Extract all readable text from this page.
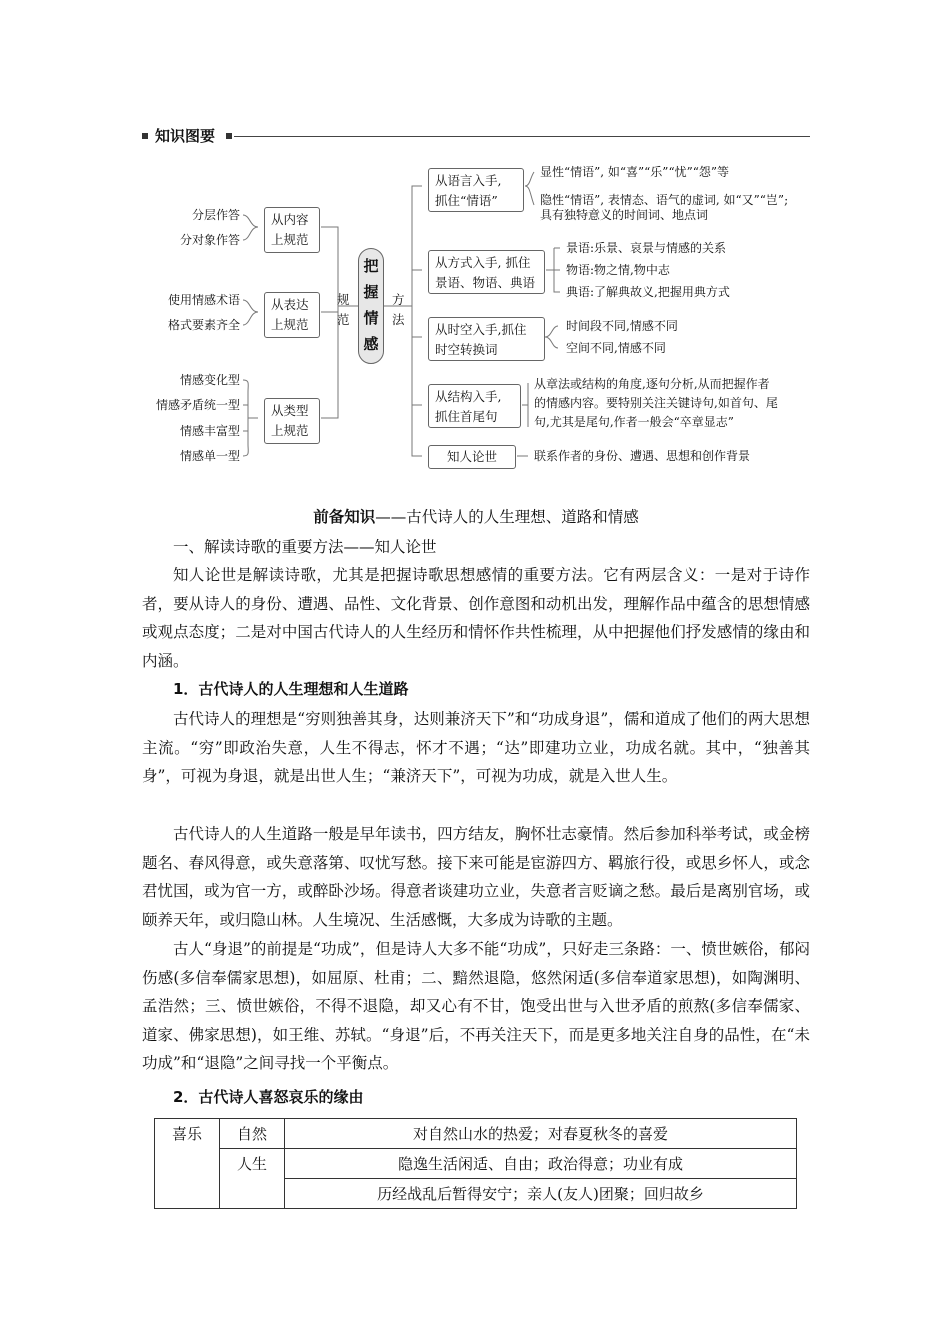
知识图要
分层作答
分对象作答
使用情感术语
格式要素齐全
情感变化型
情感矛盾统一型
情感丰富型
情感单一型
从内容
上规范
从表达
上规范
从类型
上规范
规
范
把
握
情
感
方
法
从语言入手,
抓住“情语”
从方式入手, 抓住
景语、物语、典语
从时空入手,抓住
时空转换词
从结构入手,
抓住首尾句
知人论世
显性“情语”, 如“喜”“乐”“忧”“怨”等
隐性“情语”, 表情态、语气的虚词, 如“又”“岂”;
具有独特意义的时间词、地点词
景语:乐景、哀景与情感的关系
物语:物之情,物中志
典语:了解典故义,把握用典方式
时间段不同,情感不同
空间不同,情感不同
从章法或结构的角度,逐句分析,从而把握作者
的情感内容。要特别关注关键诗句,如首句、尾
句,尤其是尾句,作者一般会“卒章显志”
联系作者的身份、遭遇、思想和创作背景
前备知识——古代诗人的人生理想、道路和情感
一、解读诗歌的重要方法——知人论世

知人论世是解读诗歌，尤其是把握诗歌思想感情的重要方法。它有两层含义：一是对于诗作者，要从诗人的身份、遭遇、品性、文化背景、创作意图和动机出发，理解作品中蕴含的思想情感或观点态度；二是对中国古代诗人的人生经历和情怀作共性梳理，从中把握他们抒发感情的缘由和内涵。

1．古代诗人的人生理想和人生道路

古代诗人的理想是“穷则独善其身，达则兼济天下”和“功成身退”，儒和道成了他们的两大思想主流。“穷”即政治失意，人生不得志，怀才不遇；“达”即建功立业，功成名就。其中，“独善其身”，可视为身退，就是出世人生；“兼济天下”，可视为功成，就是入世人生。

古代诗人的人生道路一般是早年读书，四方结友，胸怀壮志豪情。然后参加科举考试，或金榜题名、春风得意，或失意落第、叹忧写愁。接下来可能是宦游四方、羁旅行役，或思乡怀人，或念君忧国，或为官一方，或醉卧沙场。得意者谈建功立业，失意者言贬谪之愁。最后是离别官场，或颐养天年，或归隐山林。人生境况、生活感慨，大多成为诗歌的主题。

古人“身退”的前提是“功成”，但是诗人大多不能“功成”，只好走三条路：一、愤世嫉俗，郁闷伤感(多信奉儒家思想)，如屈原、杜甫；二、黯然退隐，悠然闲适(多信奉道家思想)，如陶渊明、孟浩然；三、愤世嫉俗，不得不退隐，却又心有不甘，饱受出世与入世矛盾的煎熬(多信奉儒家、道家、佛家思想)，如王维、苏轼。“身退”后，不再关注天下，而是更多地关注自身的品性，在“未功成”和“退隐”之间寻找一个平衡点。

2．古代诗人喜怒哀乐的缘由
喜乐	自然	对自然山水的热爱；对春夏秋冬的喜爱
	人生	隐逸生活闲适、自由；政治得意；功业有成
		历经战乱后暂得安宁；亲人(友人)团聚；回归故乡
